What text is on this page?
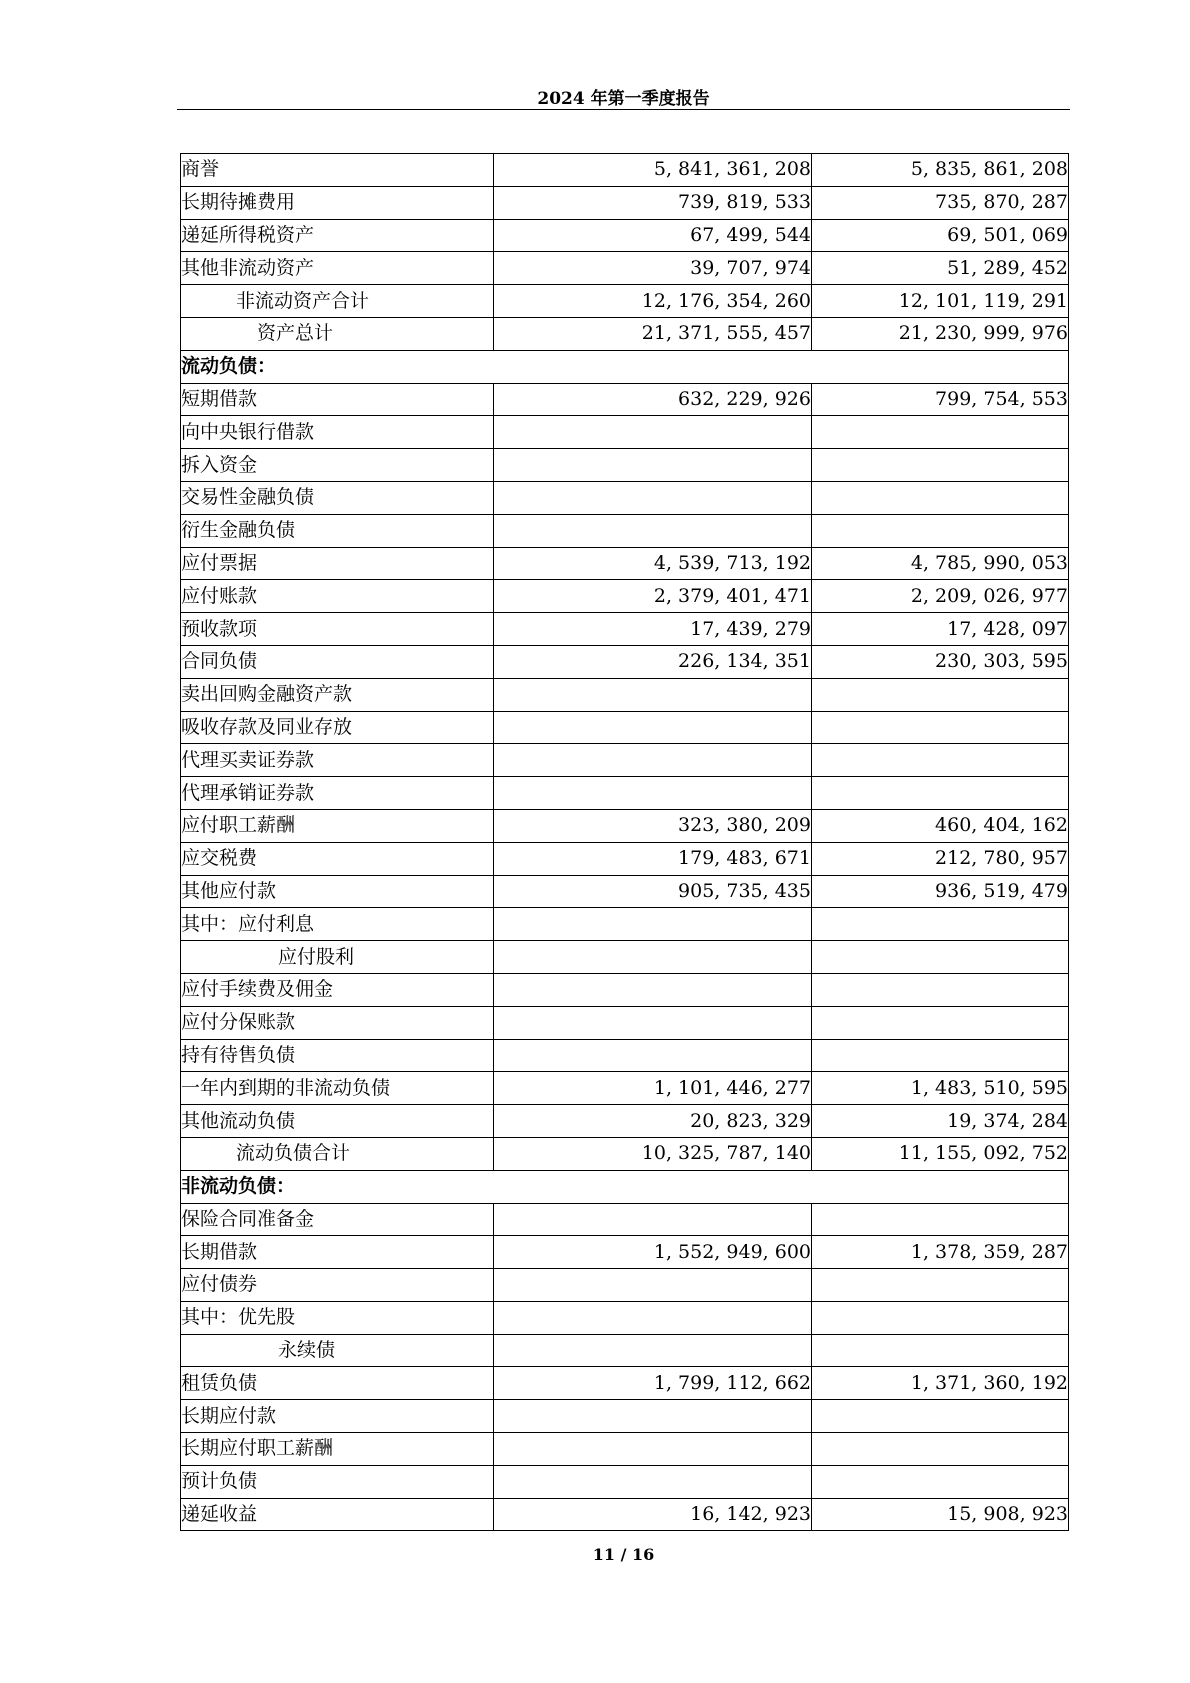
2024 年第一季度报告
商誉	5, 841, 361, 208	5, 835, 861, 208
长期待摊费用	739, 819, 533	735, 870, 287
递延所得税资产	67, 499, 544	69, 501, 069
其他非流动资产	39, 707, 974	51, 289, 452
非流动资产合计	12, 176, 354, 260	12, 101, 119, 291
资产总计	21, 371, 555, 457	21, 230, 999, 976
流动负债：		
短期借款	632, 229, 926	799, 754, 553
向中央银行借款		
拆入资金		
交易性金融负债		
衍生金融负债		
应付票据	4, 539, 713, 192	4, 785, 990, 053
应付账款	2, 379, 401, 471	2, 209, 026, 977
预收款项	17, 439, 279	17, 428, 097
合同负债	226, 134, 351	230, 303, 595
卖出回购金融资产款		
吸收存款及同业存放		
代理买卖证券款		
代理承销证券款		
应付职工薪酬	323, 380, 209	460, 404, 162
应交税费	179, 483, 671	212, 780, 957
其他应付款	905, 735, 435	936, 519, 479
其中：应付利息		
应付股利		
应付手续费及佣金		
应付分保账款		
持有待售负债		
一年内到期的非流动负债	1, 101, 446, 277	1, 483, 510, 595
其他流动负债	20, 823, 329	19, 374, 284
流动负债合计	10, 325, 787, 140	11, 155, 092, 752
非流动负债：		
保险合同准备金		
长期借款	1, 552, 949, 600	1, 378, 359, 287
应付债券		
其中：优先股		
永续债		
租赁负债	1, 799, 112, 662	1, 371, 360, 192
长期应付款		
长期应付职工薪酬		
预计负债		
递延收益	16, 142, 923	15, 908, 923
11 / 16
